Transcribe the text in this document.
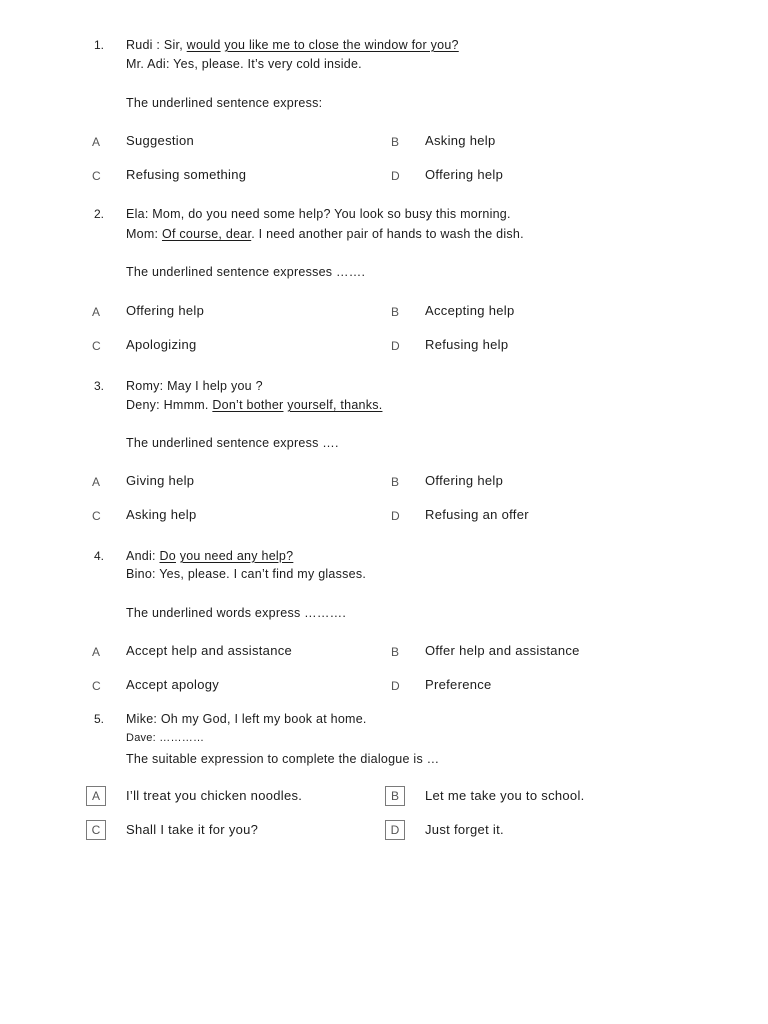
1. Rudi : Sir, would you like me to close the window for you?
Mr. Adi: Yes, please. It’s very cold inside.
The underlined sentence express:
A Suggestion	B Asking help
C Refusing something	D Offering help
2. Ela: Mom, do you need some help? You look so busy this morning.
Mom: Of course, dear. I need another pair of hands to wash the dish.
The underlined sentence expresses …….
A Offering help	B Accepting help
C Apologizing	D Refusing help
3. Romy: May I help you ?
Deny: Hmmm. Don’t bother yourself, thanks.
The underlined sentence express ….
A Giving help	B Offering help
C Asking help	D Refusing an offer
4. Andi: Do you need any help?
Bino: Yes, please. I can’t find my glasses.
The underlined words express ……….
A Accept help and assistance	B Offer help and assistance
C Accept apology	D Preference
5. Mike: Oh my God, I left my book at home.
Dave: …………
The suitable expression to complete the dialogue is …
A	I’ll treat you chicken noodles.	B	Let me take you to school.
C	Shall I take it for you?	D	Just forget it.
